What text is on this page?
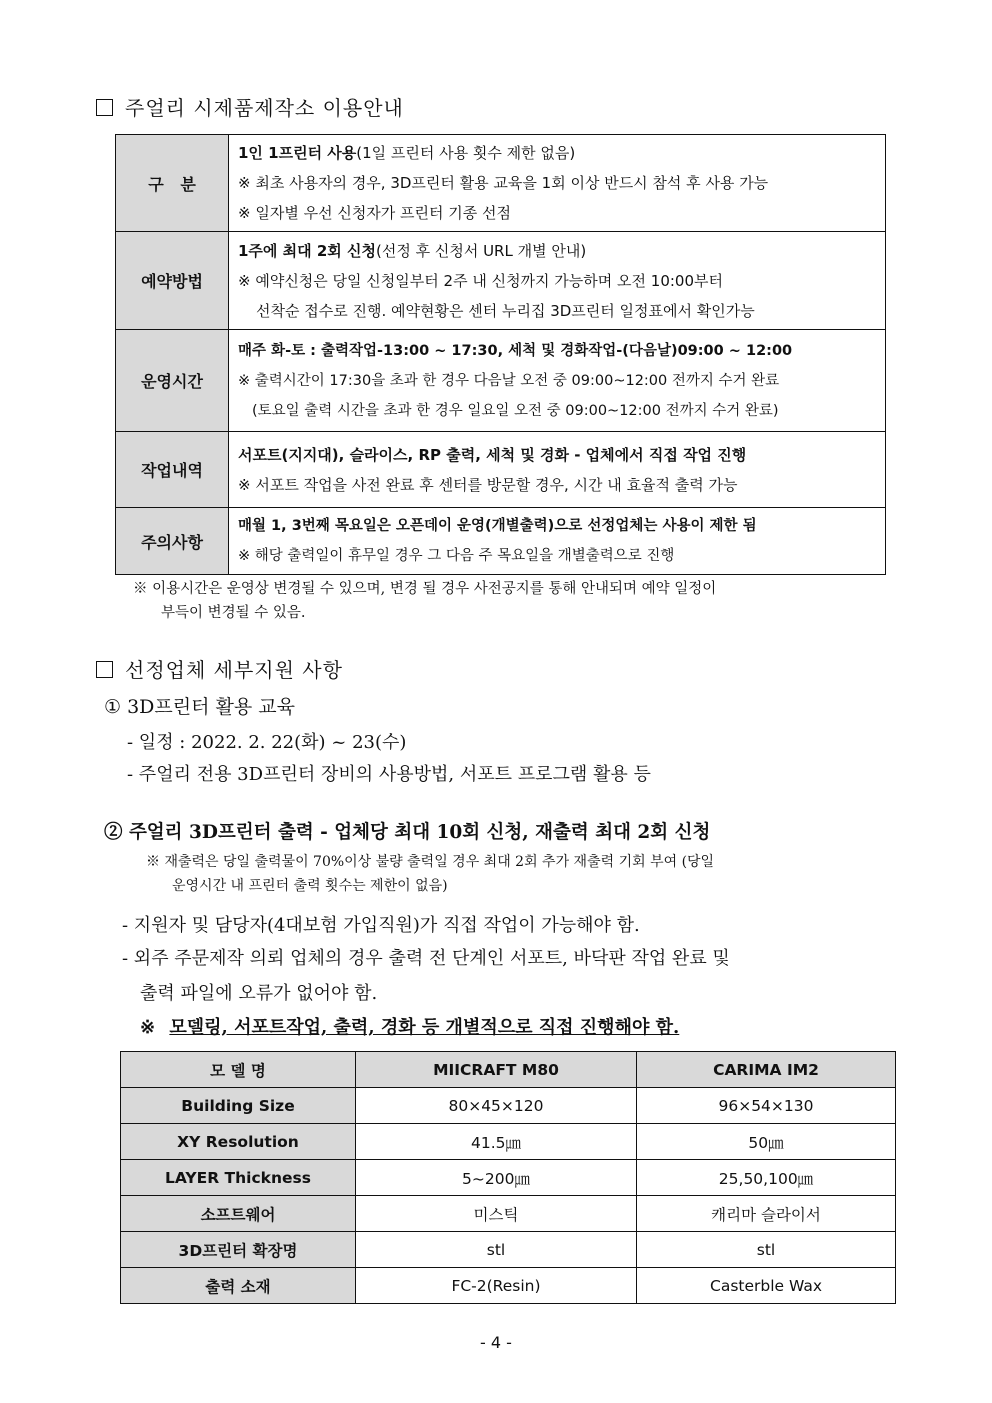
주얼리 시제품제작소 이용안내
구   분	1인 1프린터 사용(1일 프린터 사용 횟수 제한 없음)
※ 최초 사용자의 경우, 3D프린터 활용 교육을 1회 이상 반드시 참석 후 사용 가능
※ 일자별 우선 신청자가 프린터 기종 선점

예약방법	1주에 최대 2회 신청(선정 후 신청서 URL 개별 안내)
※ 예약신청은 당일 신청일부터 2주 내 신청까지 가능하며 오전 10:00부터
선착순 접수로 진행. 예약현황은 센터 누리집 3D프린터 일정표에서 확인가능

운영시간	매주 화-토 : 출력작업-13:00 ~ 17:30, 세척 및 경화작업-(다음날)09:00 ~ 12:00
※ 출력시간이 17:30을 초과 한 경우 다음날 오전 중 09:00~12:00 전까지 수거 완료
(토요일 출력 시간을 초과 한 경우 일요일 오전 중 09:00~12:00 전까지 수거 완료)

작업내역	서포트(지지대), 슬라이스, RP 출력, 세척 및 경화 - 업체에서 직접 작업 진행
※ 서포트 작업을 사전 완료 후 센터를 방문할 경우, 시간 내 효율적 출력 가능

주의사항	매월 1, 3번째 목요일은 오픈데이 운영(개별출력)으로 선정업체는 사용이 제한 됨
※ 해당 출력일이 휴무일 경우 그 다음 주 목요일을 개별출력으로 진행
※ 이용시간은 운영상 변경될 수 있으며, 변경 될 경우 사전공지를 통해 안내되며 예약 일정이
부득이 변경될 수 있음.
선정업체 세부지원 사항
① 3D프린터 활용 교육
- 일정 : 2022. 2. 22(화) ~ 23(수)
- 주얼리 전용 3D프린터 장비의 사용방법, 서포트 프로그램 활용 등
② 주얼리 3D프린터 출력 - 업체당 최대 10회 신청, 재출력 최대 2회 신청
※ 재출력은 당일 출력물이 70%이상 불량 출력일 경우 최대 2회 추가 재출력 기회 부여 (당일
운영시간 내 프린터 출력 횟수는 제한이 없음)
- 지원자 및 담당자(4대보험 가입직원)가 직접 작업이 가능해야 함.
- 외주 주문제작 의뢰 업체의 경우 출력 전 단계인 서포트, 바닥판 작업 완료 및
출력 파일에 오류가 없어야 함.
※ 모델링, 서포트작업, 출력, 경화 등 개별적으로 직접 진행해야 함.
모 델 명	MIICRAFT M80	CARIMA IM2
Building Size	80×45×120	96×54×130
XY Resolution	41.5㎛	50㎛
LAYER Thickness	5~200㎛	25,50,100㎛
소프트웨어	미스틱	캐리마 슬라이서
3D프린터 확장명	stl	stl
출력 소재	FC-2(Resin)	Casterble Wax
- 4 -
